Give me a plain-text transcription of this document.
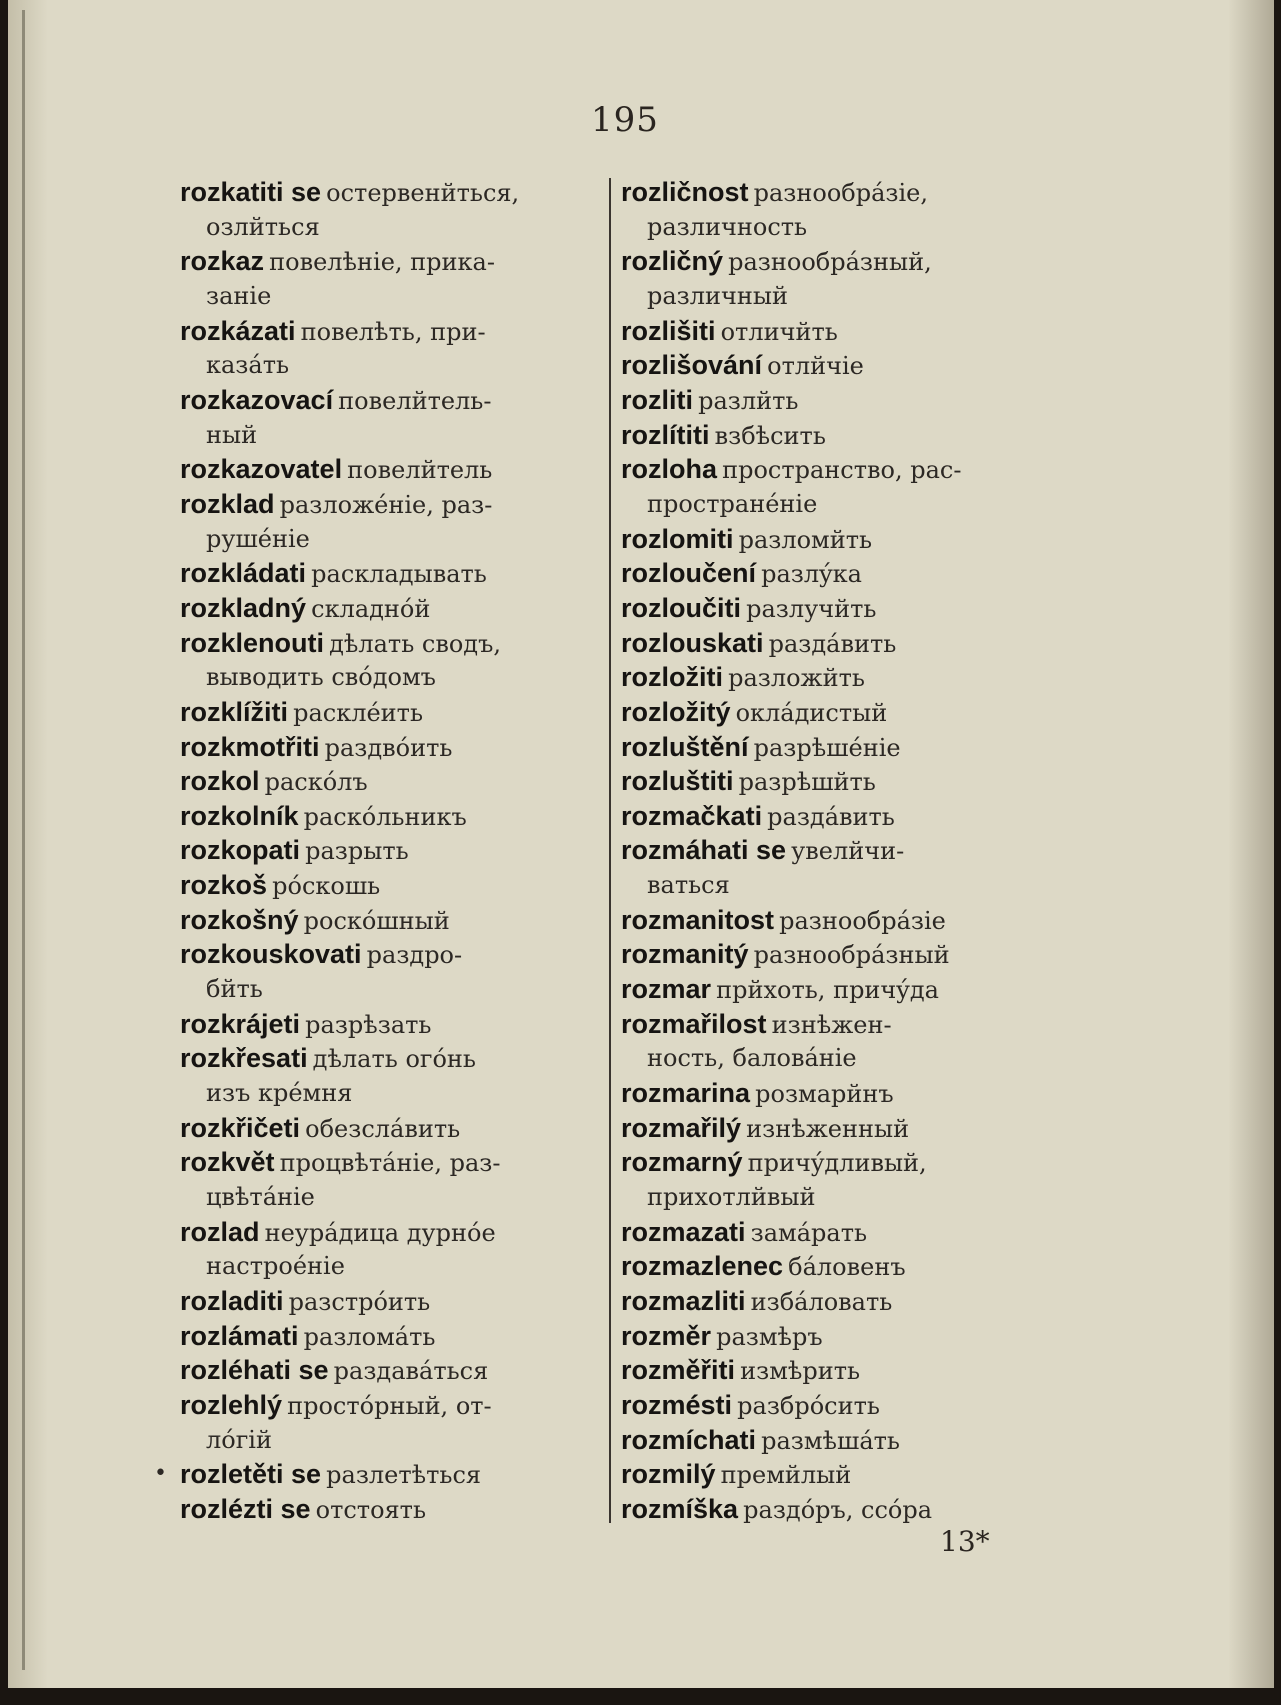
195
rozkatiti se остервенйться,
озлйться
rozkaz повелѣніе, прика-
заніе
rozkázati повелѣть, при-
казáть
rozkazovací повелйтель-
ный
rozkazovatel повелйтель
rozklad разложéніе, раз-
рушéніе
rozkládati раскладывать
rozkladný складнóй
rozklenouti дѣлать сводъ,
выводить свóдомъ
rozklížiti расклéить
rozkmotřiti раздвóить
rozkol раскóлъ
rozkolník раскóльникъ
rozkopati разрыть
rozkoš рóскошь
rozkošný роскóшный
rozkouskovati раздро-
бйть
rozkrájeti разрѣзать
rozkřesati дѣлать огóнь
изъ крéмня
rozkřičeti обезслáвить
rozkvět процвѣтáніе, раз-
цвѣтáніе
rozlad неурáдица дурнóе
настроéніе
rozladiti разстрóить
rozlámati разломáть
rozléhati se раздавáться
rozlehlý простóрный, от-
лóгій
• rozletěti se разлетѣться
rozlézti se отстоять
rozličnost разнообрáзіе,
различность
rozličný разнообрáзный,
различный
rozlišiti отличйть
rozlišování отлйчіе
rozliti разлйть
rozlítiti взбѣсить
rozloha пространство, рас-
пространéніе
rozlomiti разломйть
rozloučení разлýка
rozloučiti разлучйть
rozlouskati раздáвить
rozložiti разложйть
rozložitý оклáдистый
rozluštění разрѣшéніе
rozluštiti разрѣшйть
rozmačkati раздáвить
rozmáhati se увелйчи-
ваться
rozmanitost разнообрáзіе
rozmanitý разнообрáзный
rozmar прйхоть, причýда
rozmařilost изнѣжен-
ность, баловáніе
rozmarina розмарйнъ
rozmařilý изнѣженный
rozmarný причýдливый,
прихотлйвый
rozmazati замáрать
rozmazlenec бáловенъ
rozmazliti избáловать
rozměr размѣръ
rozměřiti измѣрить
rozmésti разбрóсить
rozmíchati размѣшáть
rozmilý премйлый
rozmíška раздóръ, ссóра
13*
